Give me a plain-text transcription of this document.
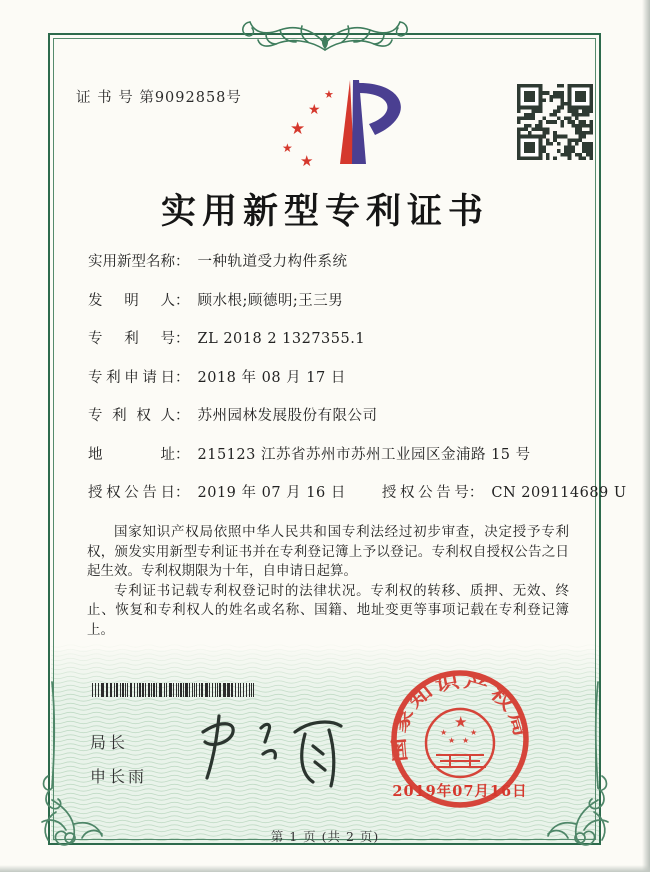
证 书 号 第9092858号	★
★
★
★
★
实用新型专利证书
实用新型名称： 一种轨道受力构件系统
发明人： 顾水根;顾德明;王三男
专利号： ZL 2018 2 1327355.1
专利申请日： 2018 年 08 月 17 日
专利权人： 苏州园林发展股份有限公司
地址： 215123 江苏省苏州市苏州工业园区金浦路 15 号
授权公告日： 2019 年 07 月 16 日 授权公告号： CN 209114689 U

国家知识产权局依照中华人民共和国专利法经过初步审查，决定授予专利权，颁发实用新型专利证书并在专利登记簿上予以登记。专利权自授权公告之日起生效。专利权期限为十年，自申请日起算。

专利证书记载专利权登记时的法律状况。专利权的转移、质押、无效、终止、恢复和专利权人的姓名或名称、国籍、地址变更等事项记载在专利登记簿上。

局长
申长雨
★
★
★ ★
★
国家知识产权局
2019年07月16日
第 1 页 (共 2 页)
